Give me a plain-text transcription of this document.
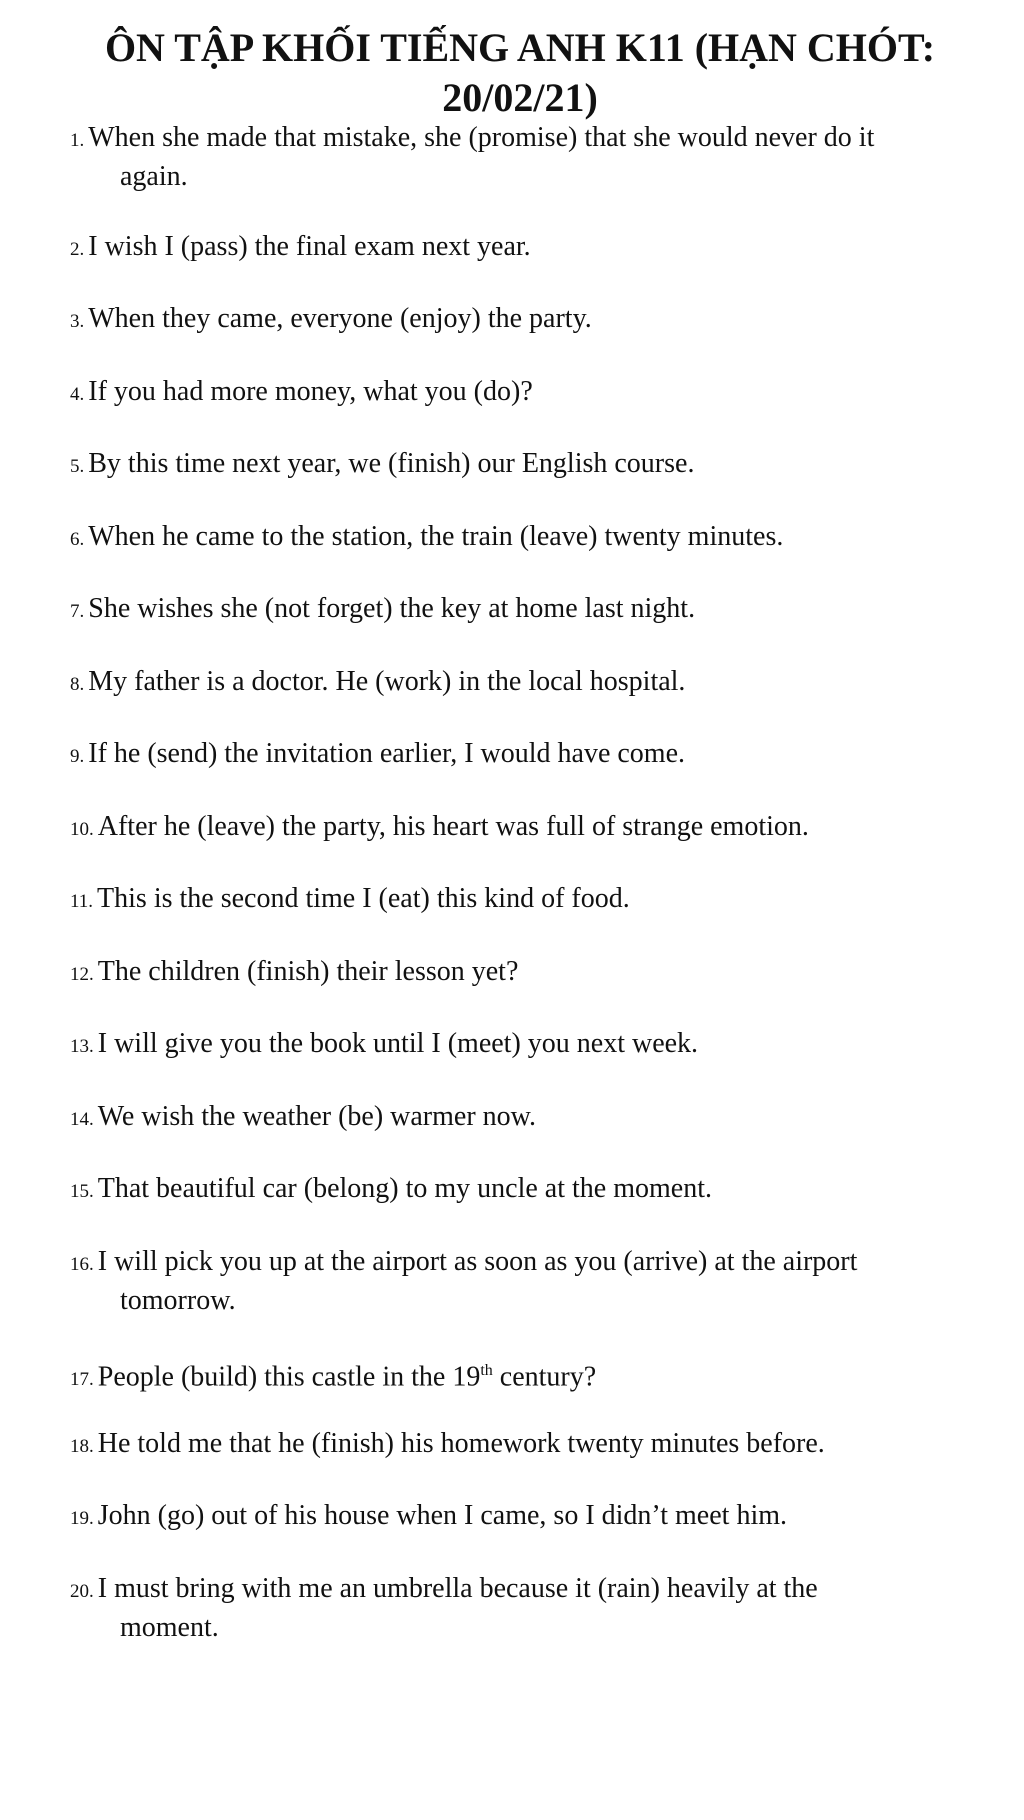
ÔN TẬP KHỐI TIẾNG ANH K11 (HẠN CHÓT:
20/02/21)
1. When she made that mistake, she (promise) that she would never do it
again.
2. I wish I (pass) the final exam next year.
3. When they came, everyone (enjoy) the party.
4. If you had more money, what you (do)?
5. By this time next year, we (finish) our English course.
6. When he came to the station, the train (leave) twenty minutes.
7. She wishes she (not forget) the key at home last night.
8. My father is a doctor. He (work) in the local hospital.
9. If he (send) the invitation earlier, I would have come.
10. After he (leave) the party, his heart was full of strange emotion.
11. This is the second time I (eat) this kind of food.
12. The children (finish) their lesson yet?
13. I will give you the book until I (meet) you next week.
14. We wish the weather (be) warmer now.
15. That beautiful car (belong) to my uncle at the moment.
16. I will pick you up at the airport as soon as you (arrive) at the airport
tomorrow.
17. People (build) this castle in the 19th century?
18. He told me that he (finish) his homework twenty minutes before.
19. John (go) out of his house when I came, so I didn’t meet him.
20. I must bring with me an umbrella because it (rain) heavily at the
moment.
